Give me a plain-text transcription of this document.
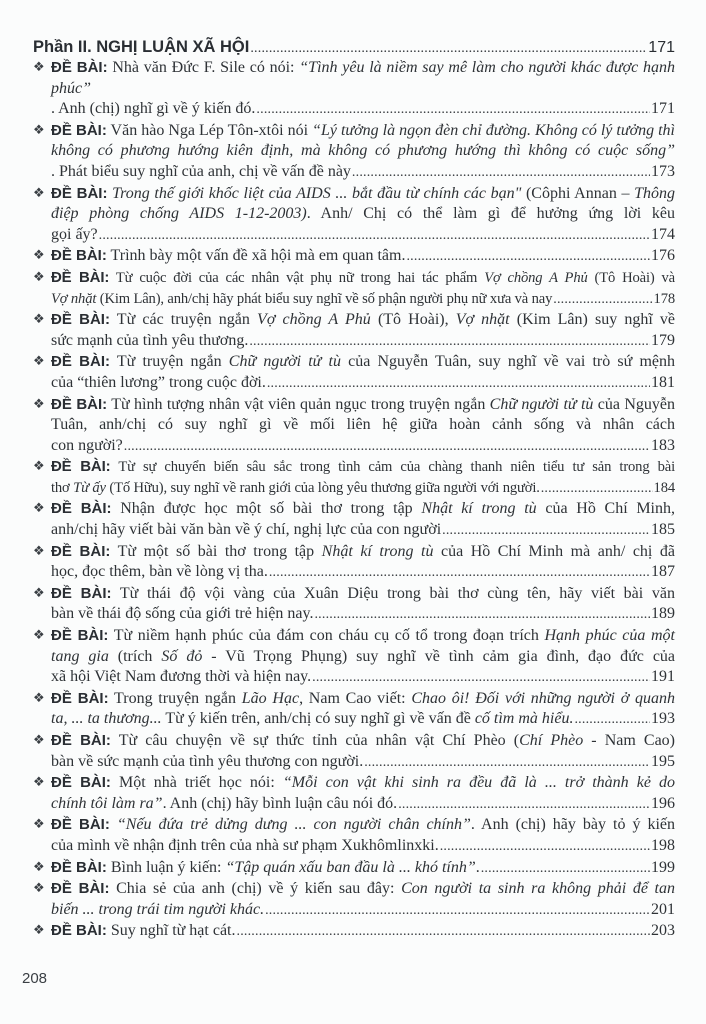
Phần II. NGHỊ LUẬN XÃ HỘI .....	171
❖ ĐỀ BÀI: Nhà văn Đức F. Sile có nói: “Tình yêu là niềm say mê làm cho người khác được hạnh phúc”
. Anh (chị) nghĩ gì về ý kiến đó. .....	171
❖ ĐỀ BÀI: Văn hào Nga Lép Tôn-xtôi nói “Lý tưởng là ngọn đèn chỉ đường. Không có lý tưởng thì không có phương hướng kiên định, mà không có phương hướng thì không có cuộc sống”
. Phát biểu suy nghĩ của anh, chị về vấn đề này .....	173
❖ ĐỀ BÀI: Trong thế giới khốc liệt của AIDS ... bắt đầu từ chính các bạn" (Côphi Annan – Thông điệp phòng chống AIDS 1-12-2003). Anh/ Chị có thể làm gì để hưởng ứng lời kêu
gọi ấy? .....	174
❖ ĐỀ BÀI: Trình bày một vấn đề xã hội mà em quan tâm. .....	176
❖ ĐỀ BÀI: Từ cuộc đời của các nhân vật phụ nữ trong hai tác phẩm Vợ chồng A Phủ (Tô Hoài) và
Vợ nhặt (Kim Lân), anh/chị hãy phát biểu suy nghĩ về số phận người phụ nữ xưa và nay .....	178
❖ ĐỀ BÀI: Từ các truyện ngắn Vợ chồng A Phủ (Tô Hoài), Vợ nhặt (Kim Lân) suy nghĩ về
sức mạnh của tình yêu thương. .....	179
❖ ĐỀ BÀI: Từ truyện ngắn Chữ người tử tù của Nguyễn Tuân, suy nghĩ về vai trò sứ mệnh
của “thiên lương” trong cuộc đời. .....	181
❖ ĐỀ BÀI: Từ hình tượng nhân vật viên quản ngục trong truyện ngắn Chữ người tử tù của Nguyễn Tuân, anh/chị có suy nghĩ gì về mối liên hệ giữa hoàn cảnh sống và nhân cách
con người? .....	183
❖ ĐỀ BÀI: Từ sự chuyển biến sâu sắc trong tình cảm của chàng thanh niên tiểu tư sản trong bài
thơ Từ ấy (Tố Hữu), suy nghĩ về ranh giới của lòng yêu thương giữa người với người. .....	184
❖ ĐỀ BÀI: Nhận được học một số bài thơ trong tập Nhật kí trong tù của Hồ Chí Minh,
anh/chị hãy viết bài văn bàn về ý chí, nghị lực của con người .....	185
❖ ĐỀ BÀI: Từ một số bài thơ trong tập Nhật kí trong tù của Hồ Chí Minh mà anh/ chị đã
học, đọc thêm, bàn về lòng vị tha. .....	187
❖ ĐỀ BÀI: Từ thái độ vội vàng của Xuân Diệu trong bài thơ cùng tên, hãy viết bài văn
bàn về thái độ sống của giới trẻ hiện nay. .....	189
❖ ĐỀ BÀI: Từ niềm hạnh phúc của đám con cháu cụ cố tổ trong đoạn trích Hạnh phúc của một tang gia (trích Số đỏ - Vũ Trọng Phụng) suy nghĩ về tình cảm gia đình, đạo đức của
xã hội Việt Nam đương thời và hiện nay. .....	191
❖ ĐỀ BÀI: Trong truyện ngắn Lão Hạc, Nam Cao viết: Chao ôi! Đối với những người ở quanh
ta, ... ta thương... Từ ý kiến trên, anh/chị có suy nghĩ gì về vấn đề cố tìm mà hiểu. .....	193
❖ ĐỀ BÀI: Từ câu chuyện về sự thức tỉnh của nhân vật Chí Phèo (Chí Phèo - Nam Cao)
bàn về sức mạnh của tình yêu thương con người. .....	195
❖ ĐỀ BÀI: Một nhà triết học nói: “Mỗi con vật khi sinh ra đều đã là ... trở thành kẻ do
chính tôi làm ra”. Anh (chị) hãy bình luận câu nói đó. .....	196
❖ ĐỀ BÀI: “Nếu đứa trẻ dửng dưng ... con người chân chính”. Anh (chị) hãy bày tỏ ý kiến
của mình về nhận định trên của nhà sư phạm Xukhômlinxki. .....	198
❖ ĐỀ BÀI: Bình luận ý kiến: “Tập quán xấu ban đầu là ... khó tính”. .....	199
❖ ĐỀ BÀI: Chia sẻ của anh (chị) về ý kiến sau đây: Con người ta sinh ra không phải để tan
biến ... trong trái tim người khác. .....	201
❖ ĐỀ BÀI: Suy nghĩ từ hạt cát. .....	203
208
